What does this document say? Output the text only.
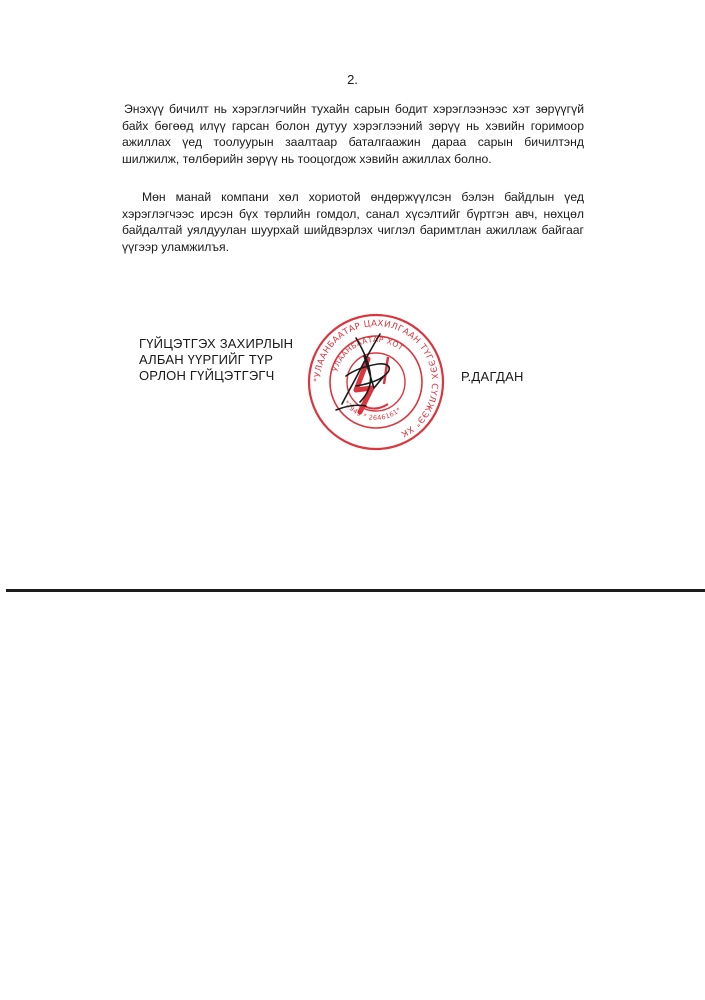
2.

Энэхүү бичилт нь хэрэглэгчийн тухайн сарын бодит хэрэглээнээс хэт зөрүүгүй байх бөгөөд илүү гарсан болон дутуу хэрэглээний зөрүү нь хэвийн горимоор ажиллах үед тоолуурын заалтаар баталгаажин дараа сарын бичилтэнд шилжилж, төлбөрийн зөрүү нь тооцогдож хэвийн ажиллах болно.

Мөн манай компани хөл хориотой өндөржүүлсэн бэлэн байдлын үед хэрэглэгчээс ирсэн бүх төрлийн гомдол, санал хүсэлтийг бүртгэн авч, нөхцөл байдалтай уялдуулан шуурхай шийдвэрлэх чиглэл баримтлан ажиллаж байгааг үүгээр уламжилъя.

ГҮЙЦЭТГЭХ ЗАХИРЛЫН
АЛБАН ҮҮРГИЙГ ТҮР
ОРЛОН ГҮЙЦЭТГЭГЧ	"УЛААНБААТАР ЦАХИЛГААН ТҮГЭЭХ СҮЛЖЭЭ" ХК
УЛААНБААТАР ХОТ
*2949 * 2646161*
Р.ДАГДАН
